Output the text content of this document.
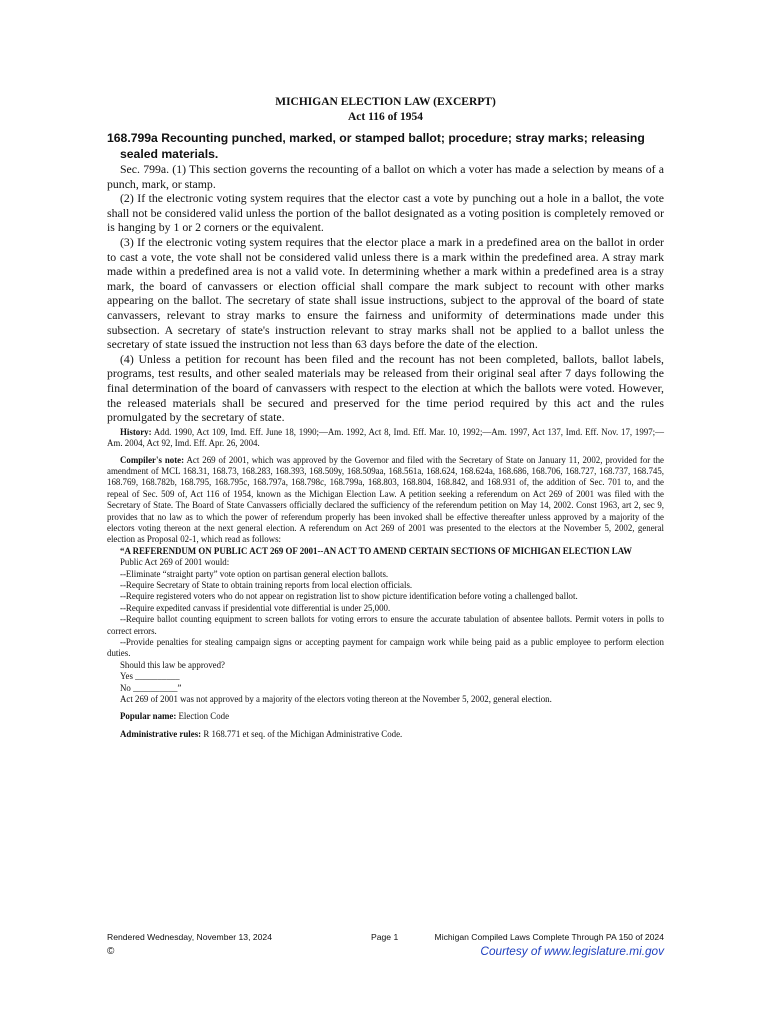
MICHIGAN ELECTION LAW (EXCERPT)
Act 116 of 1954
168.799a Recounting punched, marked, or stamped ballot; procedure; stray marks; releasing sealed materials.

Sec. 799a. (1) This section governs the recounting of a ballot on which a voter has made a selection by means of a punch, mark, or stamp.

(2) If the electronic voting system requires that the elector cast a vote by punching out a hole in a ballot, the vote shall not be considered valid unless the portion of the ballot designated as a voting position is completely removed or is hanging by 1 or 2 corners or the equivalent.

(3) If the electronic voting system requires that the elector place a mark in a predefined area on the ballot in order to cast a vote, the vote shall not be considered valid unless there is a mark within the predefined area. A stray mark made within a predefined area is not a valid vote. In determining whether a mark within a predefined area is a stray mark, the board of canvassers or election official shall compare the mark subject to recount with other marks appearing on the ballot. The secretary of state shall issue instructions, subject to the approval of the board of state canvassers, relevant to stray marks to ensure the fairness and uniformity of determinations made under this subsection. A secretary of state's instruction relevant to stray marks shall not be applied to a ballot unless the secretary of state issued the instruction not less than 63 days before the date of the election.

(4) Unless a petition for recount has been filed and the recount has not been completed, ballots, ballot labels, programs, test results, and other sealed materials may be released from their original seal after 7 days following the final determination of the board of canvassers with respect to the election at which the ballots were voted. However, the released materials shall be secured and preserved for the time period required by this act and the rules promulgated by the secretary of state.

History: Add. 1990, Act 109, Imd. Eff. June 18, 1990;—Am. 1992, Act 8, Imd. Eff. Mar. 10, 1992;—Am. 1997, Act 137, Imd. Eff. Nov. 17, 1997;—Am. 2004, Act 92, Imd. Eff. Apr. 26, 2004.

Compiler's note: Act 269 of 2001, which was approved by the Governor and filed with the Secretary of State on January 11, 2002, provided for the amendment of MCL 168.31, 168.73, 168.283, 168.393, 168.509y, 168.509aa, 168.561a, 168.624, 168.624a, 168.686, 168.706, 168.727, 168.737, 168.745, 168.769, 168.782b, 168.795, 168.795c, 168.797a, 168.798c, 168.799a, 168.803, 168.804, 168.842, and 168.931 of, the addition of Sec. 701 to, and the repeal of Sec. 509 of, Act 116 of 1954, known as the Michigan Election Law. A petition seeking a referendum on Act 269 of 2001 was filed with the Secretary of State. The Board of State Canvassers officially declared the sufficiency of the referendum petition on May 14, 2002. Const 1963, art 2, sec 9, provides that no law as to which the power of referendum properly has been invoked shall be effective thereafter unless approved by a majority of the electors voting thereon at the next general election. A referendum on Act 269 of 2001 was presented to the electors at the November 5, 2002, general election as Proposal 02-1, which read as follows:

“A REFERENDUM ON PUBLIC ACT 269 OF 2001--AN ACT TO AMEND CERTAIN SECTIONS OF MICHIGAN ELECTION LAW

Public Act 269 of 2001 would:

--Eliminate “straight party” vote option on partisan general election ballots.

--Require Secretary of State to obtain training reports from local election officials.

--Require registered voters who do not appear on registration list to show picture identification before voting a challenged ballot.

--Require expedited canvass if presidential vote differential is under 25,000.

--Require ballot counting equipment to screen ballots for voting errors to ensure the accurate tabulation of absentee ballots. Permit voters in polls to correct errors.

--Provide penalties for stealing campaign signs or accepting payment for campaign work while being paid as a public employee to perform election duties.

Should this law be approved?

Yes __________

No __________”

Act 269 of 2001 was not approved by a majority of the electors voting thereon at the November 5, 2002, general election.

Popular name: Election Code

Administrative rules: R 168.771 et seq. of the Michigan Administrative Code.

Rendered Wednesday, November 13, 2024	Page 1	Michigan Compiled Laws Complete Through PA 150 of 2024
©	Courtesy of www.legislature.mi.gov
